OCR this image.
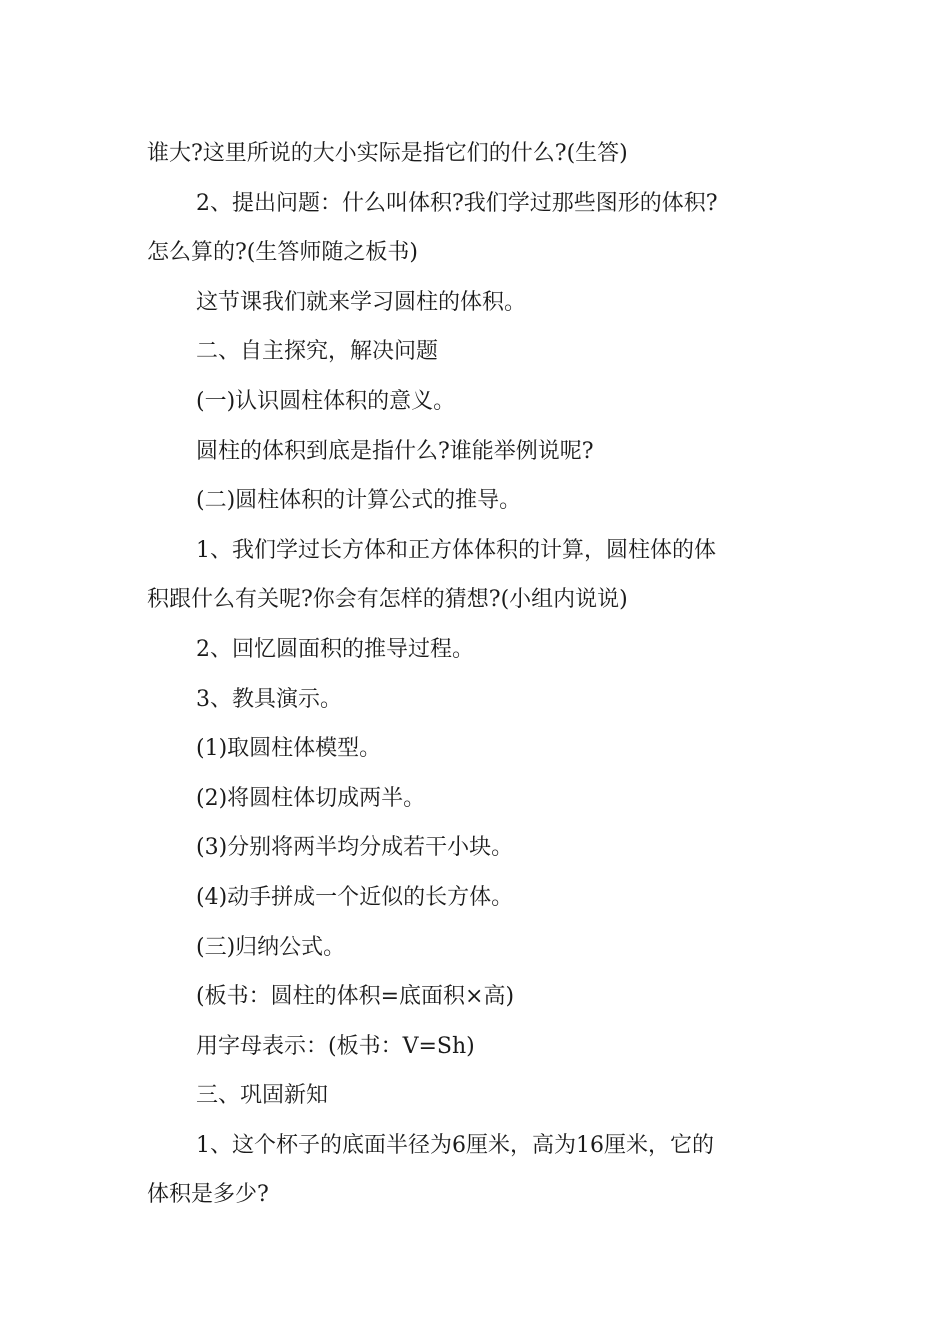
谁大?这里所说的大小实际是指它们的什么?(生答)
2、提出问题：什么叫体积?我们学过那些图形的体积?
怎么算的?(生答师随之板书)
这节课我们就来学习圆柱的体积。
二、自主探究，解决问题
(一)认识圆柱体积的意义。
圆柱的体积到底是指什么?谁能举例说呢?
(二)圆柱体积的计算公式的推导。
1、我们学过长方体和正方体体积的计算，圆柱体的体
积跟什么有关呢?你会有怎样的猜想?(小组内说说)
2、回忆圆面积的推导过程。
3、教具演示。
(1)取圆柱体模型。
(2)将圆柱体切成两半。
(3)分别将两半均分成若干小块。
(4)动手拼成一个近似的长方体。
(三)归纳公式。
(板书：圆柱的体积=底面积×高)
用字母表示：(板书：V=Sh)
三、巩固新知
1、这个杯子的底面半径为6厘米，高为16厘米，它的
体积是多少?
